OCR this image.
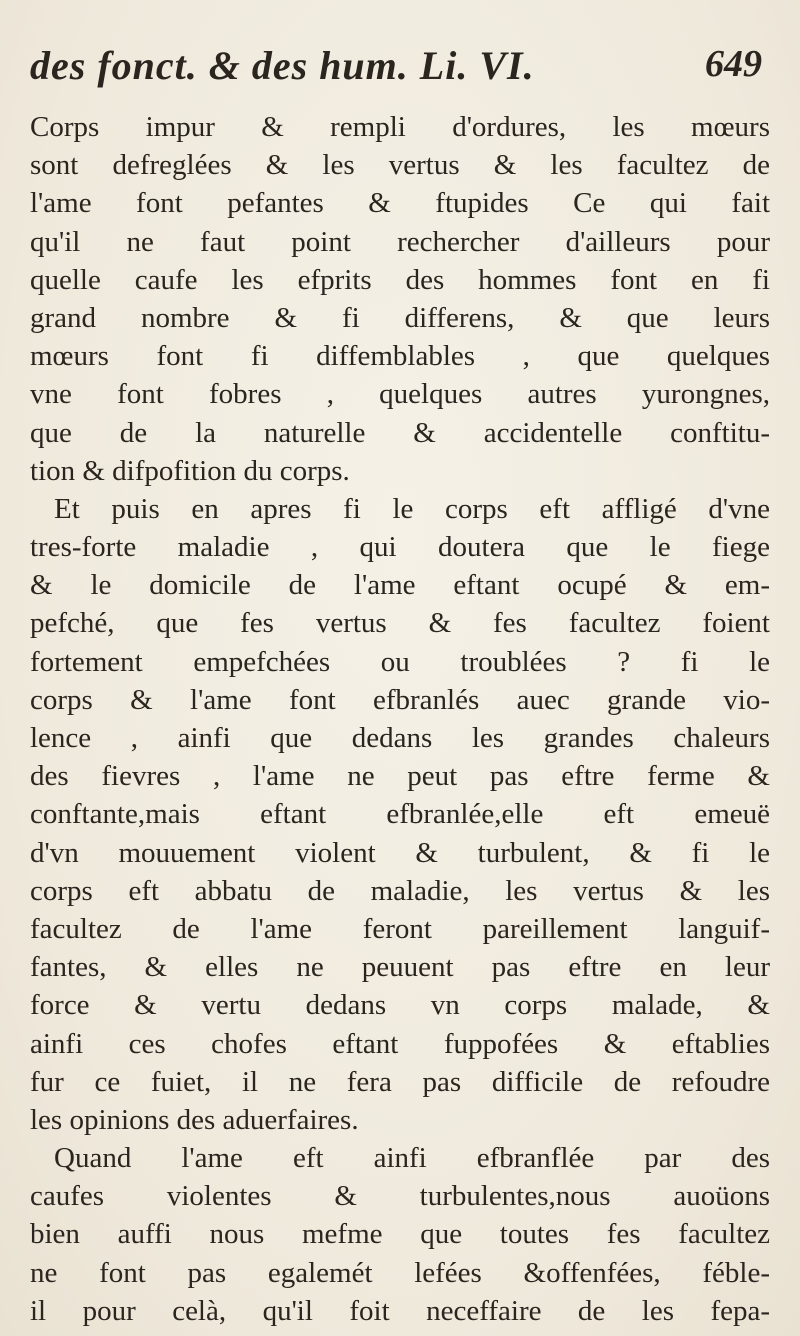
des fonct. & des hum. Li. VI.	649
Corps impur & rempli d'ordures, les mœurs
sont defreglées & les vertus & les facultez de
l'ame font pefantes & ftupides Ce qui fait
qu'il ne faut point rechercher d'ailleurs pour
quelle caufe les efprits des hommes font en fi
grand nombre & fi differens, & que leurs
mœurs font fi diffemblables , que quelques
vne font fobres , quelques autres yurongnes,
que de la naturelle & accidentelle conftitu-
tion & difpofition du corps.
Et puis en apres fi le corps eft affligé d'vne
tres-forte maladie , qui doutera que le fiege
& le domicile de l'ame eftant ocupé & em-
pefché, que fes vertus & fes facultez foient
fortement empefchées ou troublées ? fi le
corps & l'ame font efbranlés auec grande vio-
lence , ainfi que dedans les grandes chaleurs
des fievres , l'ame ne peut pas eftre ferme &
conftante,mais eftant efbranlée,elle eft emeuë
d'vn mouuement violent & turbulent, & fi le
corps eft abbatu de maladie, les vertus & les
facultez de l'ame feront pareillement languif-
fantes, & elles ne peuuent pas eftre en leur
force & vertu dedans vn corps malade, &
ainfi ces chofes eftant fuppofées & eftablies
fur ce fuiet, il ne fera pas difficile de refoudre
les opinions des aduerfaires.
Quand l'ame eft ainfi efbranflée par des
caufes violentes & turbulentes,nous auoüons
bien auffi nous mefme que toutes fes facultez
ne font pas egalemét lefées &offenfées, féble-
il pour celà, qu'il foit neceffaire de les fepa-
